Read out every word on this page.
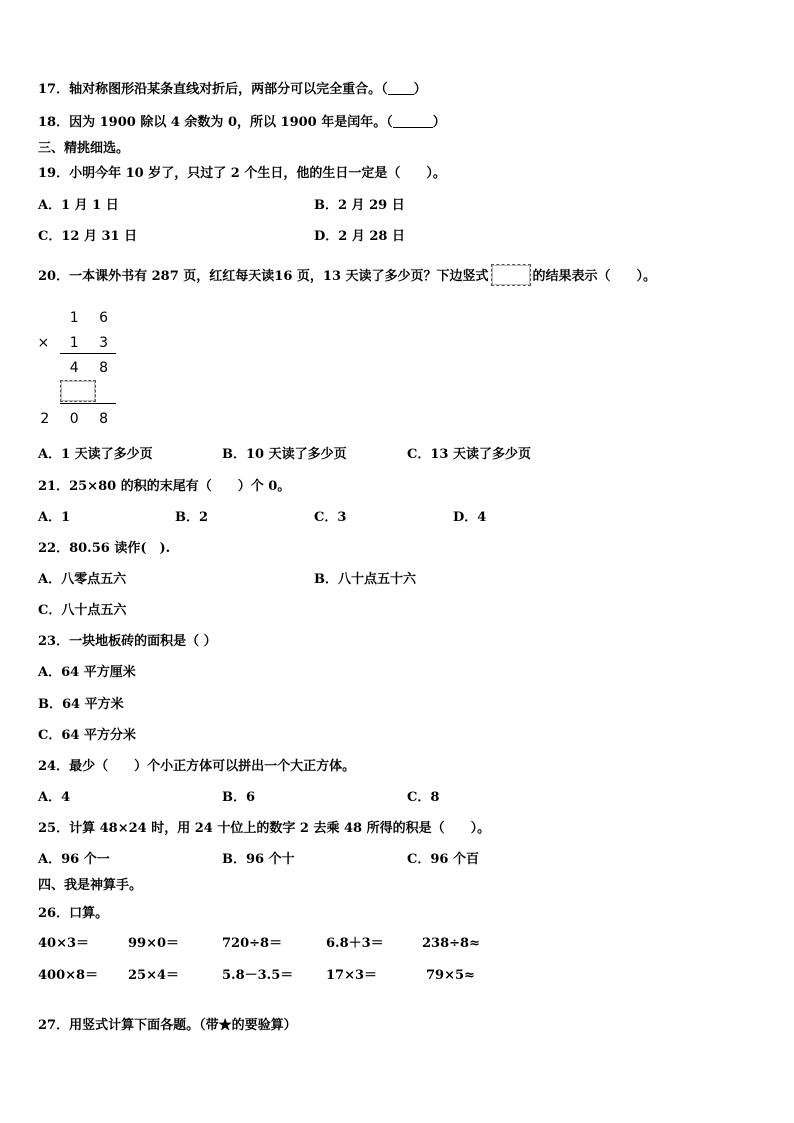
17．轴对称图形沿某条直线对折后，两部分可以完全重合。（ ）
18．因为 1900 除以 4 余数为 0，所以 1900 年是闰年。（	）
三、精挑细选。
19．小明今年 10 岁了，只过了 2 个生日，他的生日一定是（　　）。
A．1 月 1 日	B．2 月 29 日
C．12 月 31 日	D．2 月 28 日
20．一本课外书有 287 页，红红每天读16 页，13 天读了多少页？下边竖式	的结果表示（　　）。
1 6
× 1 3
4 8
2 0 8
A．1 天读了多少页	B．10 天读了多少页	C．13 天读了多少页
21．25×80 的积的末尾有（　　）个 0。
A．1	B．2	C．3	D．4
22．80.56 读作(　).
A．八零点五六	B．八十点五十六
C．八十点五六
23．一块地板砖的面积是（ ）
A．64 平方厘米
B．64 平方米
C．64 平方分米
24．最少（　　）个小正方体可以拼出一个大正方体。
A．4	B．6	C．8
25．计算 48×24 时，用 24 十位上的数字 2 去乘 48 所得的积是（　　）。
A．96 个一	B．96 个十	C．96 个百
四、我是神算手。
26．口算。
40×3＝	99×0＝	720÷8＝	6.8＋3＝	238÷8≈
400×8＝ 25×4＝	5.8－3.5＝	17×3＝	79×5≈
27．用竖式计算下面各题。（带★的要验算）
